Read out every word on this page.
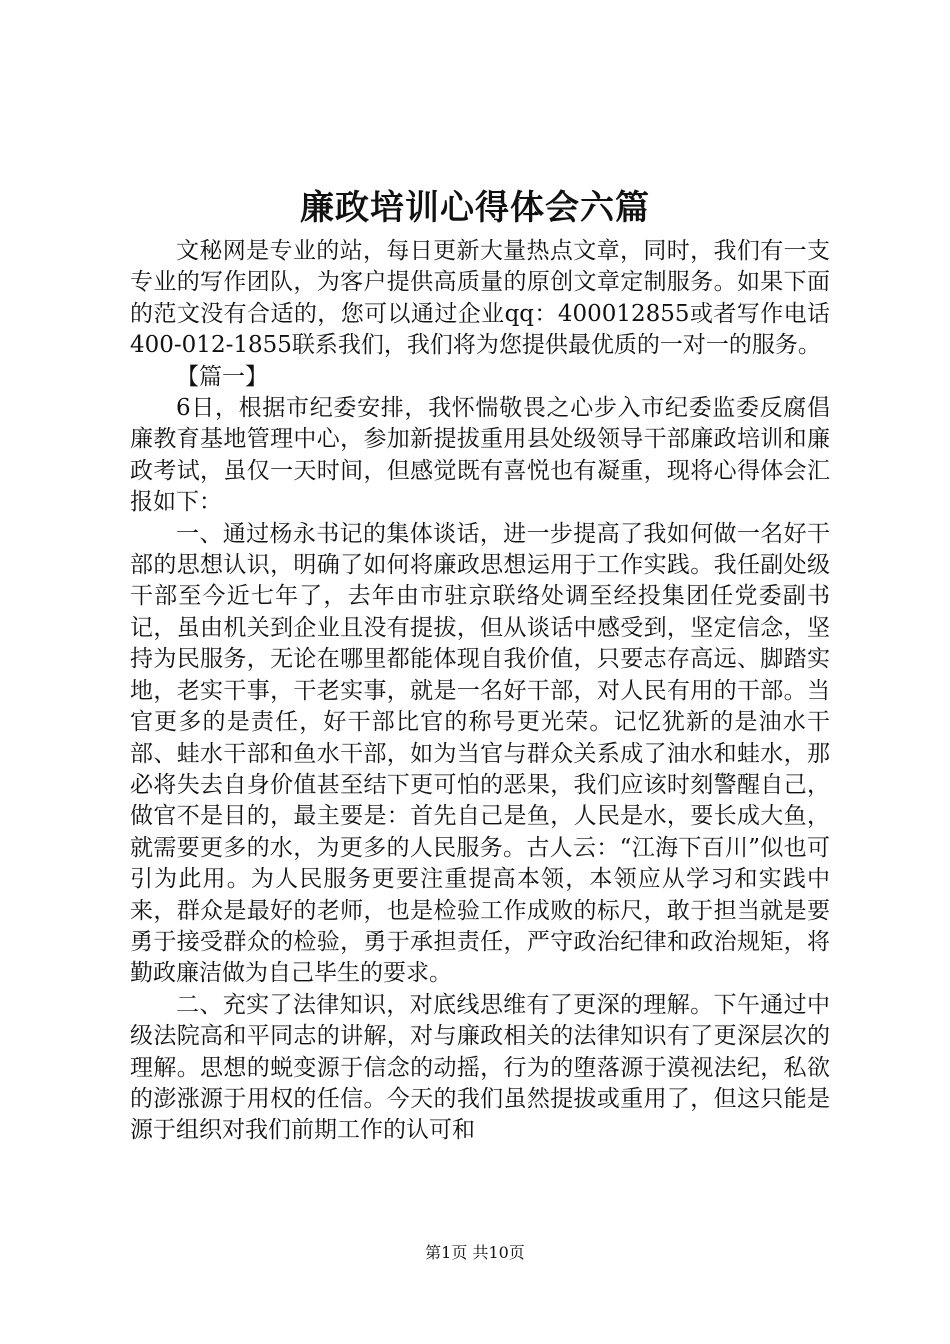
廉政培训心得体会六篇

文秘网是专业的站，每日更新大量热点文章，同时，我们有一支专业的写作团队，为客户提供高质量的原创文章定制服务。如果下面的范文没有合适的，您可以通过企业qq：400012855或者写作电话400-012-1855联系我们，我们将为您提供最优质的一对一的服务。

【篇一】

6日，根据市纪委安排，我怀惴敬畏之心步入市纪委监委反腐倡廉教育基地管理中心，参加新提拔重用县处级领导干部廉政培训和廉政考试，虽仅一天时间，但感觉既有喜悦也有凝重，现将心得体会汇报如下：

一、通过杨永书记的集体谈话，进一步提高了我如何做一名好干部的思想认识，明确了如何将廉政思想运用于工作实践。我任副处级干部至今近七年了，去年由市驻京联络处调至经投集团任党委副书记，虽由机关到企业且没有提拔，但从谈话中感受到，坚定信念，坚持为民服务，无论在哪里都能体现自我价值，只要志存高远、脚踏实地，老实干事，干老实事，就是一名好干部，对人民有用的干部。当官更多的是责任，好干部比官的称号更光荣。记忆犹新的是油水干部、蛙水干部和鱼水干部，如为当官与群众关系成了油水和蛙水，那必将失去自身价值甚至结下更可怕的恶果，我们应该时刻警醒自己，做官不是目的，最主要是：首先自己是鱼，人民是水，要长成大鱼，就需要更多的水，为更多的人民服务。古人云：“江海下百川”似也可引为此用。为人民服务更要注重提高本领，本领应从学习和实践中来，群众是最好的老师，也是检验工作成败的标尺，敢于担当就是要勇于接受群众的检验，勇于承担责任，严守政治纪律和政治规矩，将勤政廉洁做为自己毕生的要求。

二、充实了法律知识，对底线思维有了更深的理解。下午通过中级法院高和平同志的讲解，对与廉政相关的法律知识有了更深层次的理解。思想的蜕变源于信念的动摇，行为的堕落源于漠视法纪，私欲的澎涨源于用权的任信。今天的我们虽然提拔或重用了，但这只能是源于组织对我们前期工作的认可和

第1页 共10页
